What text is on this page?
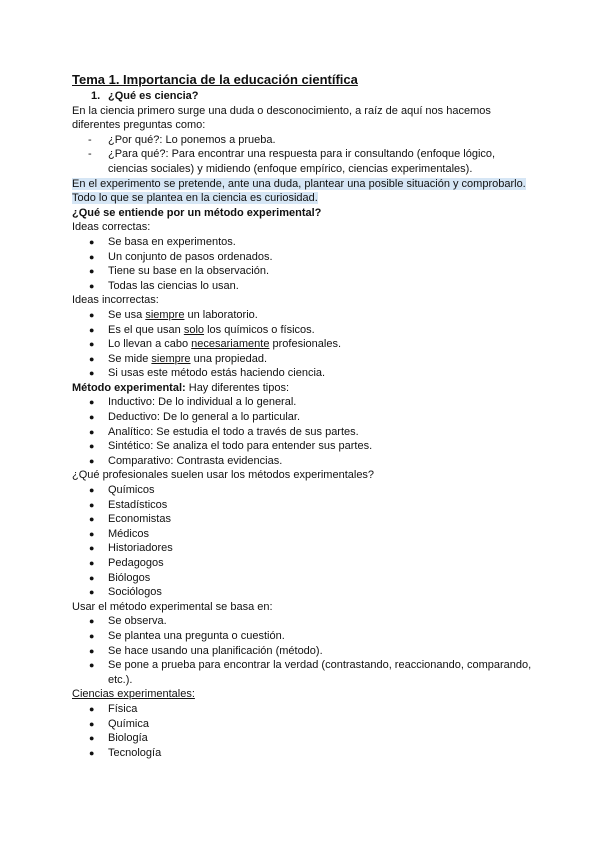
Tema 1. Importancia de la educación científica
1. ¿Qué es ciencia?

En la ciencia primero surge una duda o desconocimiento, a raíz de aquí nos hacemos diferentes preguntas como:

- ¿Por qué?: Lo ponemos a prueba.
- ¿Para qué?: Para encontrar una respuesta para ir consultando (enfoque lógico, ciencias sociales) y midiendo (enfoque empírico, ciencias experimentales).

En el experimento se pretende, ante una duda, plantear una posible situación y comprobarlo. Todo lo que se plantea en la ciencia es curiosidad.

¿Qué se entiende por un método experimental?
Ideas correctas:
● Se basa en experimentos.
● Un conjunto de pasos ordenados.
● Tiene su base en la observación.
● Todas las ciencias lo usan.
Ideas incorrectas:
● Se usa siempre un laboratorio.
● Es el que usan solo los químicos o físicos.
● Lo llevan a cabo necesariamente profesionales.
● Se mide siempre una propiedad.
● Si usas este método estás haciendo ciencia.
Método experimental: Hay diferentes tipos:
● Inductivo: De lo individual a lo general.
● Deductivo: De lo general a lo particular.
● Analítico: Se estudia el todo a través de sus partes.
● Sintético: Se analiza el todo para entender sus partes.
● Comparativo: Contrasta evidencias.
¿Qué profesionales suelen usar los métodos experimentales?
● Químicos
● Estadísticos
● Economistas
● Médicos
● Historiadores
● Pedagogos
● Biólogos
● Sociólogos
Usar el método experimental se basa en:
● Se observa.
● Se plantea una pregunta o cuestión.
● Se hace usando una planificación (método).
● Se pone a prueba para encontrar la verdad (contrastando, reaccionando, comparando, etc.).
Ciencias experimentales:
● Física
● Química
● Biología
● Tecnología
